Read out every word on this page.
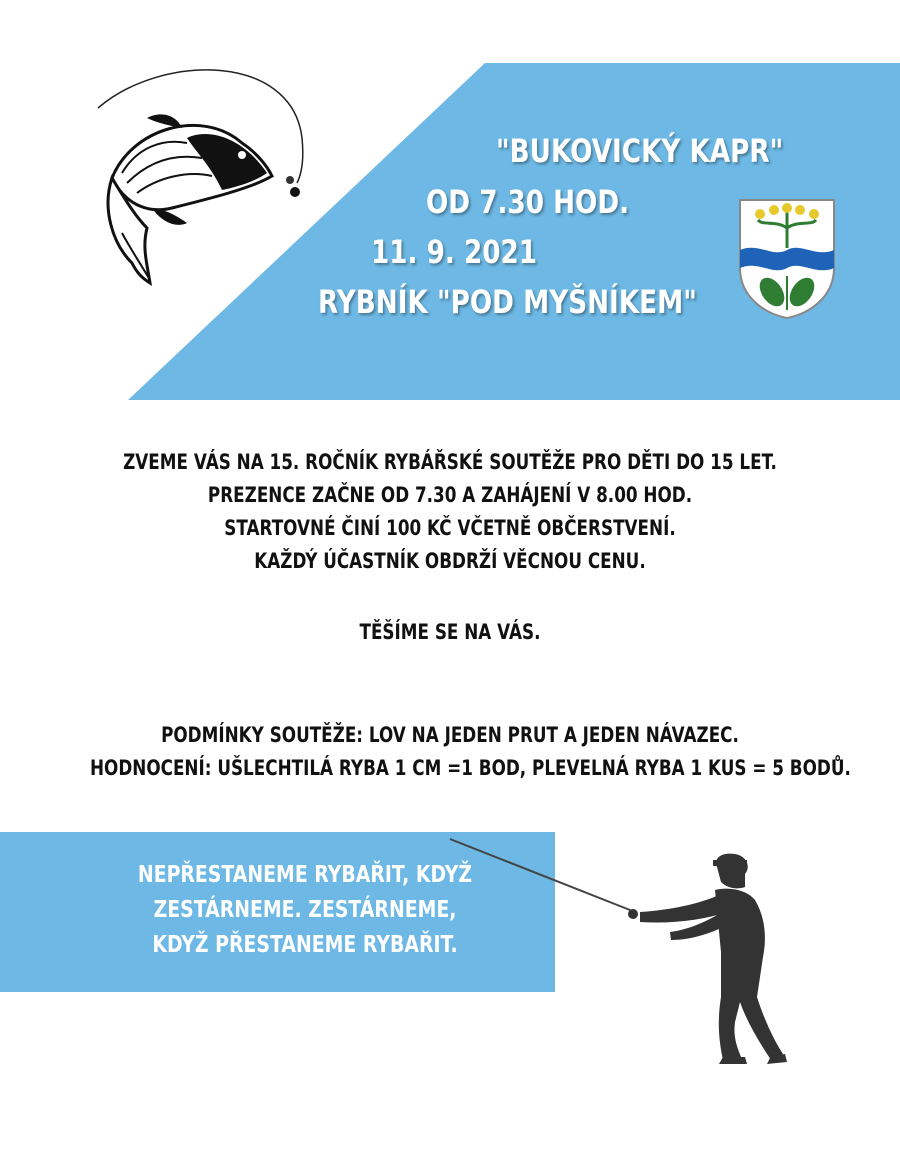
"BUKOVICKÝ KAPR"
OD 7.30 HOD.
11. 9. 2021
RYBNÍK "POD MYŠNÍKEM"
ZVEME VÁS NA 15. ROČNÍK RYBÁŘSKÉ SOUTĚŽE PRO DĚTI DO 15 LET.
PREZENCE ZAČNE OD 7.30 A ZAHÁJENÍ V 8.00 HOD.
STARTOVNÉ ČINÍ 100 KČ VČETNĚ OBČERSTVENÍ.
KAŽDÝ ÚČASTNÍK OBDRŽÍ VĚCNOU CENU.
TĚŠÍME SE NA VÁS.
PODMÍNKY SOUTĚŽE: LOV NA JEDEN PRUT A JEDEN NÁVAZEC.
HODNOCENÍ: UŠLECHTILÁ RYBA 1 CM =1 BOD, PLEVELNÁ RYBA 1 KUS = 5 BODŮ.
NEPŘESTANEME RYBAŘIT, KDYŽ
ZESTÁRNEME. ZESTÁRNEME,
KDYŽ PŘESTANEME RYBAŘIT.
